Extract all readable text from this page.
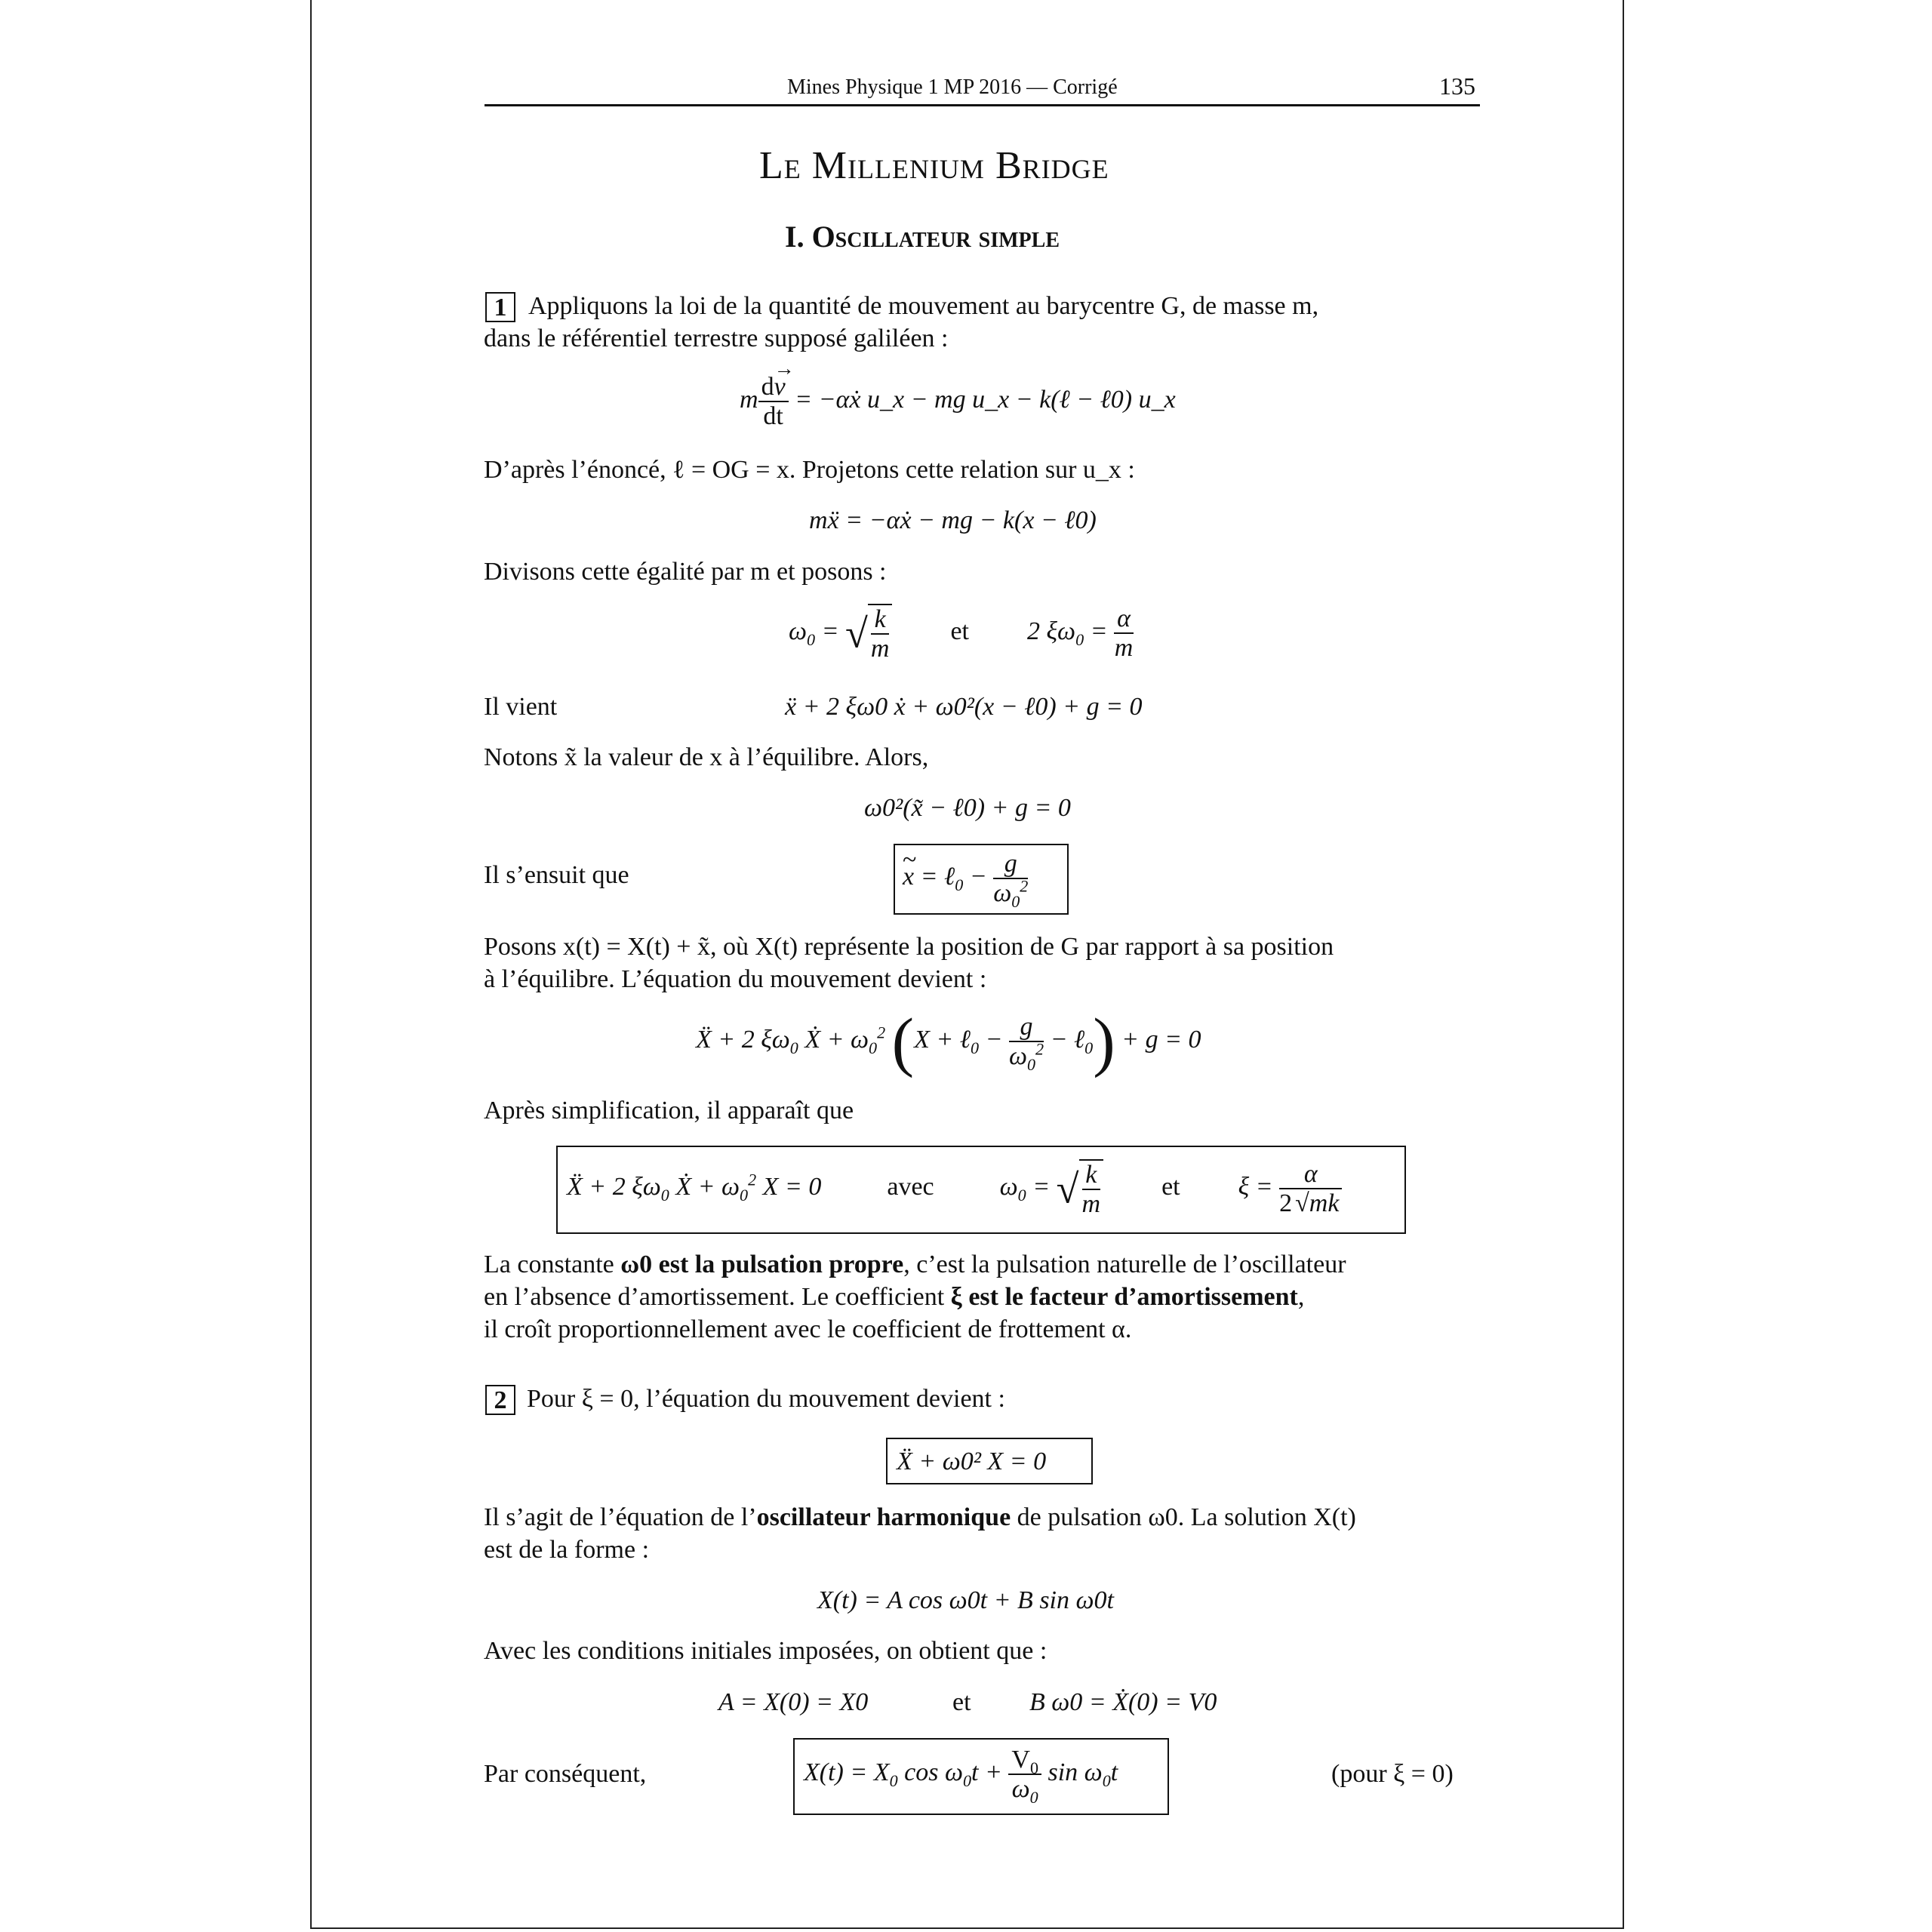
Mines Physique 1 MP 2016 — Corrigé	135
Le Millenium Bridge
I. Oscillateur simple
1 Appliquons la loi de la quantité de mouvement au barycentre G, de masse m,
dans le référentiel terrestre supposé galiléen :
m $\frac{d\to v}{dt}$ = −αẋ u_x − mg u_x − k(ℓ − ℓ0) u_x
D’après l’énoncé, ℓ = OG = x. Projetons cette relation sur u_x :
mẍ = −αẋ − mg − k(x − ℓ0)
Divisons cette égalité par m et posons :
$\omega_0$ = √ $\frac{k}{m}$ et 2 $\xi\omega_0 = \frac{\alpha}{m}$
Il vient	ẍ + 2 ξω0 ẋ + ω0²(x − ℓ0) + g = 0
Notons x̃ la valeur de x à l’équilibre. Alors,
ω0²(x̃ − ℓ0) + g = 0
Il s’ensuit que
~	x = ℓ$_0$ − $\frac{g}{\omega_0^2}$
Posons x(t) = X(t) + x̃, où X(t) représente la position de G par rapport à sa position
à l’équilibre. L’équation du mouvement devient :
Ẍ + 2 $\xi\omega_0$ Ẋ + $\omega_0^2$ (X + ℓ$_0$ − $\frac{g}{\omega_0^2}$ − ℓ$_0$) + g = 0
Après simplification, il apparaît que
Ẍ + 2 $\xi\omega_0$ Ẋ + $\omega_0^2$ X = 0	avec	$\omega_0$ = √ $\frac{k}{m}$ et $\xi = \frac{\alpha}{2 √mk}$
La constante ω0 est la pulsation propre, c’est la pulsation naturelle de l’oscillateur
en l’absence d’amortissement. Le coefficient ξ est le facteur d’amortissement,
il croît proportionnellement avec le coefficient de frottement α.
2 Pour ξ = 0, l’équation du mouvement devient :
Ẍ + ω0² X = 0
Il s’agit de l’équation de l’oscillateur harmonique de pulsation ω0. La solution X(t)
est de la forme :
X(t) = A cos ω0t + B sin ω0t
Avec les conditions initiales imposées, on obtient que :
A = X(0) = X0	et B ω0 = Ẋ(0) = V0
Par conséquent,	$X(t) = X_0$ $\cos \omega_0t + \frac{V_0}{\omega_0}$ $\sin \omega_0t$	(pour ξ = 0)
